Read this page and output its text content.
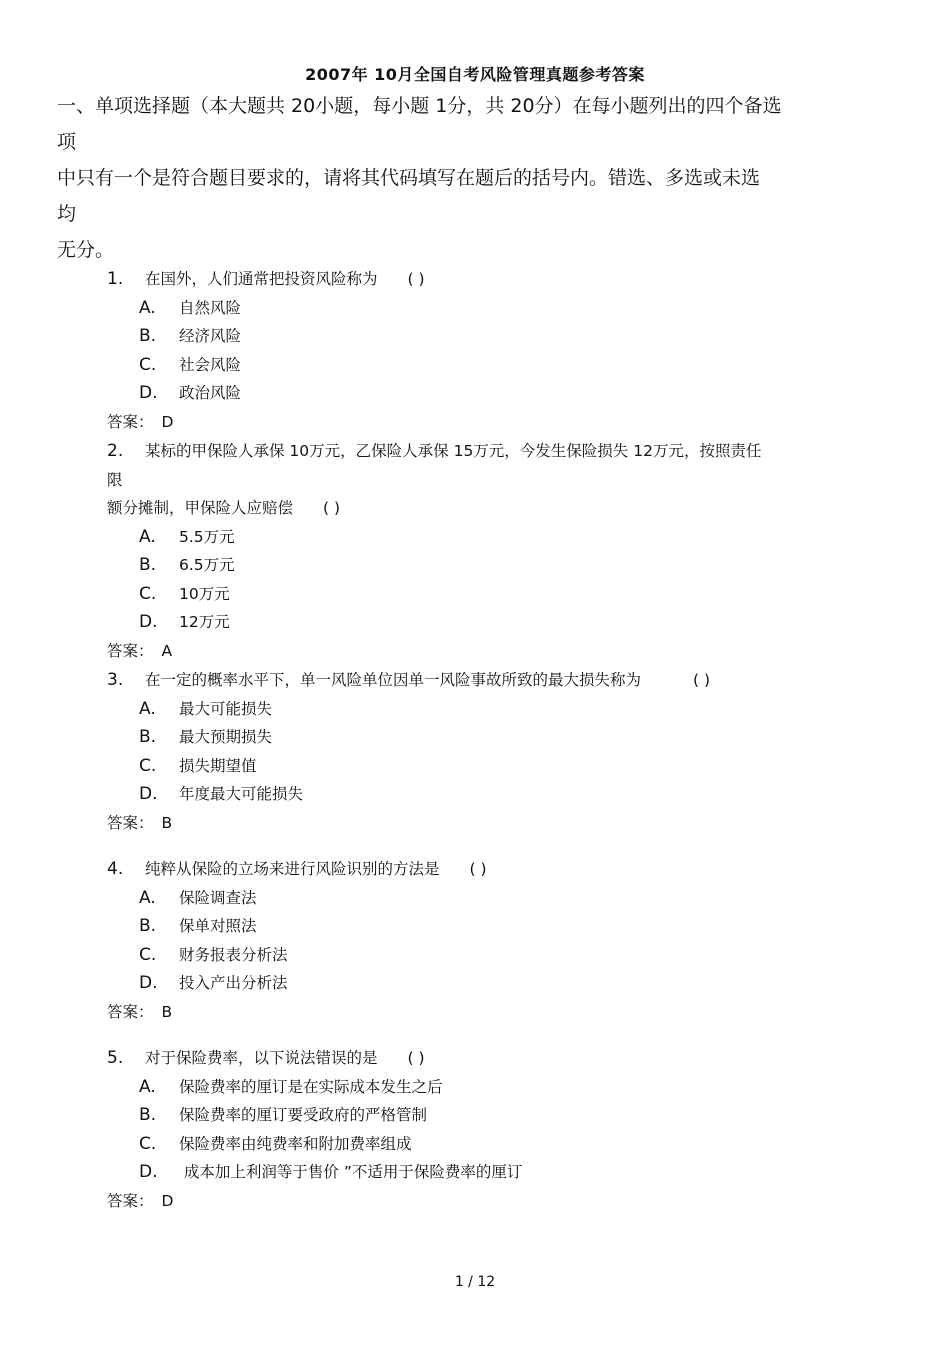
2007年 10月全国自考风险管理真题参考答案
一、单项选择题（本大题共 20小题，每小题 1分，共 20分）在每小题列出的四个备选
项
中只有一个是符合题目要求的，请将其代码填写在题后的括号内。错选、多选或未选
均
无分。
1. 在国外，人们通常把投资风险称为 ( )
A. 自然风险
B. 经济风险
C. 社会风险
D. 政治风险
答案： D
2. 某标的甲保险人承保 10万元，乙保险人承保 15万元，今发生保险损失 12万元，按照责任
限
额分摊制，甲保险人应赔偿 ( )
A. 5.5万元
B. 6.5万元
C. 10万元
D. 12万元
答案： A
3. 在一定的概率水平下，单一风险单位因单一风险事故所致的最大损失称为	( )
A. 最大可能损失
B. 最大预期损失
C. 损失期望值
D. 年度最大可能损失
答案： B
4. 纯粹从保险的立场来进行风险识别的方法是 ( )
A. 保险调查法
B. 保单对照法
C. 财务报表分析法
D. 投入产出分析法
答案： B
5. 对于保险费率，以下说法错误的是 ( )
A. 保险费率的厘订是在实际成本发生之后
B. 保险费率的厘订要受政府的严格管制
C. 保险费率由纯费率和附加费率组成
D. 成本加上利润等于售价 ”不适用于保险费率的厘订
答案： D
1 / 12
